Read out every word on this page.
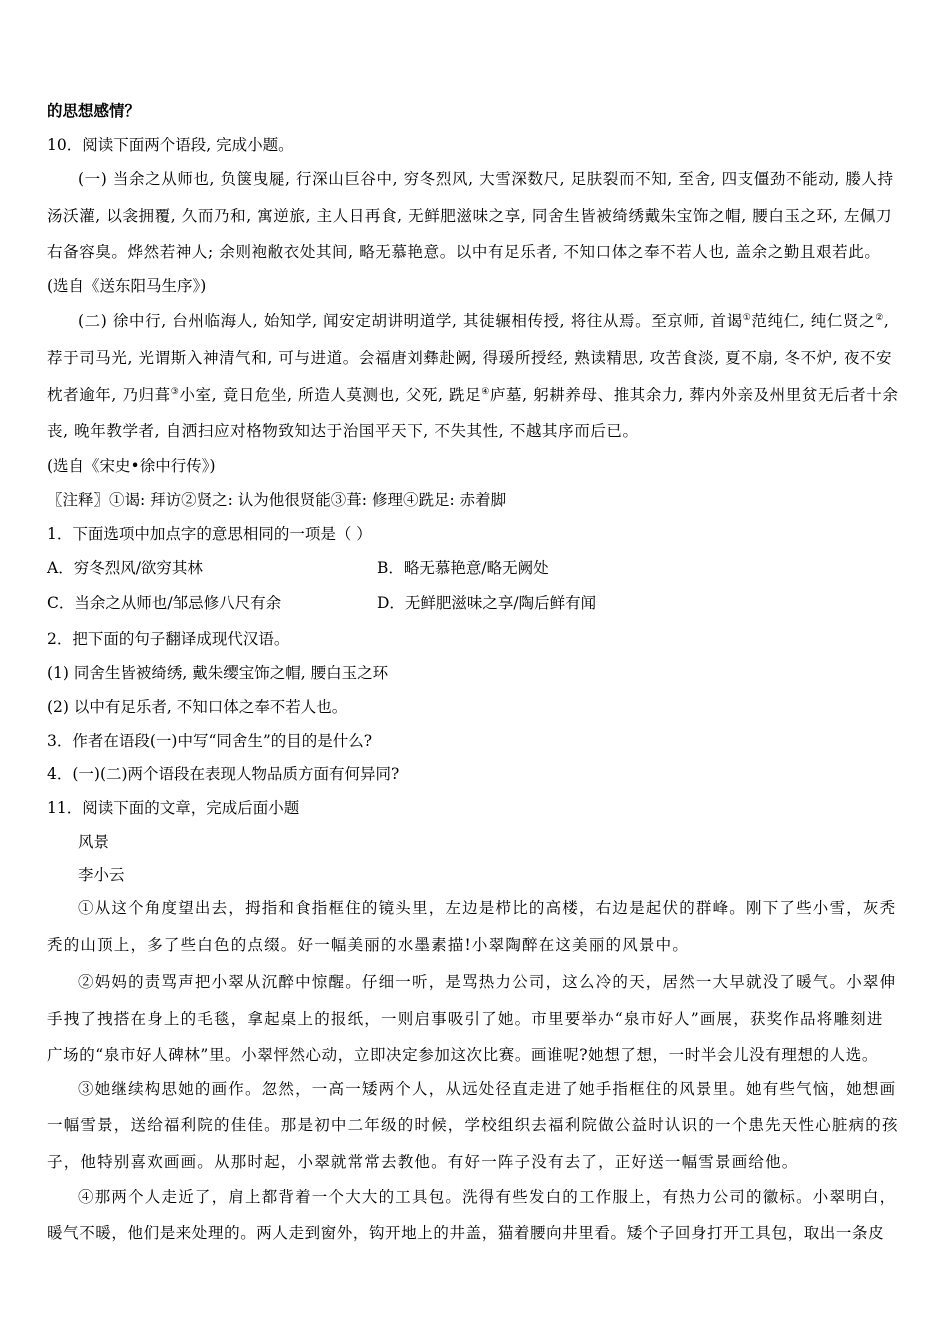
的思想感情？
10．阅读下面两个语段, 完成小题。
(一) 当余之从师也, 负箧曳屣, 行深山巨谷中, 穷冬烈风, 大雪深数尺, 足肤裂而不知, 至舍, 四支僵劲不能动, 媵人持
汤沃灌, 以衾拥覆, 久而乃和, 寓逆旅, 主人日再食, 无鲜肥滋味之享, 同舍生皆被绮绣戴朱宝饰之帽, 腰白玉之环, 左佩刀
右备容臭。烨然若神人; 余则袍敝衣处其间, 略无慕艳意。以中有足乐者, 不知口体之奉不若人也, 盖余之勤且艰若此。
(选自《送东阳马生序》)
(二) 徐中行, 台州临海人, 始知学, 闻安定胡讲明道学, 其徒辗相传授, 将往从焉。至京师, 首谒①范纯仁, 纯仁贤之②,
荐于司马光, 光谓斯入神清气和, 可与进道。会福唐刘彝赴阙, 得瑗所授经, 熟读精思, 攻苦食淡, 夏不扇, 冬不炉, 夜不安
枕者逾年, 乃归葺③小室, 竟日危坐, 所造人莫测也, 父死, 跣足④庐墓, 躬耕养母、推其余力, 葬内外亲及州里贫无后者十余
丧, 晚年教学者, 自洒扫应对格物致知达于治国平天下, 不失其性, 不越其序而后已。
(选自《宋史•徐中行传》)
〖注释〗①谒: 拜访②贤之: 认为他很贤能③葺: 修理④跣足: 赤着脚
1．下面选项中加点字的意思相同的一项是（ ）
A．穷冬烈风/欲穷其林	B．略无慕艳意/略无阙处
C．当余之从师也/邹忌修八尺有余	D．无鲜肥滋味之享/陶后鲜有闻
2．把下面的句子翻译成现代汉语。
(1) 同舍生皆被绮绣, 戴朱缨宝饰之帽, 腰白玉之环
(2) 以中有足乐者, 不知口体之奉不若人也。
3．作者在语段(一)中写“同舍生”的目的是什么?
4．(一)(二)两个语段在表现人物品质方面有何异同?
11．阅读下面的文章，完成后面小题
风景
李小云
①从这个角度望出去，拇指和食指框住的镜头里，左边是栉比的高楼，右边是起伏的群峰。刚下了些小雪，灰秃
秃的山顶上，多了些白色的点缀。好一幅美丽的水墨素描!小翠陶醉在这美丽的风景中。
②妈妈的责骂声把小翠从沉醉中惊醒。仔细一听，是骂热力公司，这么冷的天，居然一大早就没了暖气。小翠伸
手拽了拽搭在身上的毛毯，拿起桌上的报纸，一则启事吸引了她。市里要举办“泉市好人”画展，获奖作品将雕刻进
广场的“泉市好人碑林”里。小翠怦然心动，立即决定参加这次比赛。画谁呢?她想了想，一时半会儿没有理想的人选。
③她继续构思她的画作。忽然，一高一矮两个人，从远处径直走进了她手指框住的风景里。她有些气恼，她想画
一幅雪景，送给福利院的佳佳。那是初中二年级的时候，学校组织去福利院做公益时认识的一个患先天性心脏病的孩
子，他特别喜欢画画。从那时起，小翠就常常去教他。有好一阵子没有去了，正好送一幅雪景画给他。
④那两个人走近了，肩上都背着一个大大的工具包。洗得有些发白的工作服上，有热力公司的徽标。小翠明白，
暖气不暖，他们是来处理的。两人走到窗外，钩开地上的井盖，猫着腰向井里看。矮个子回身打开工具包，取出一条皮
